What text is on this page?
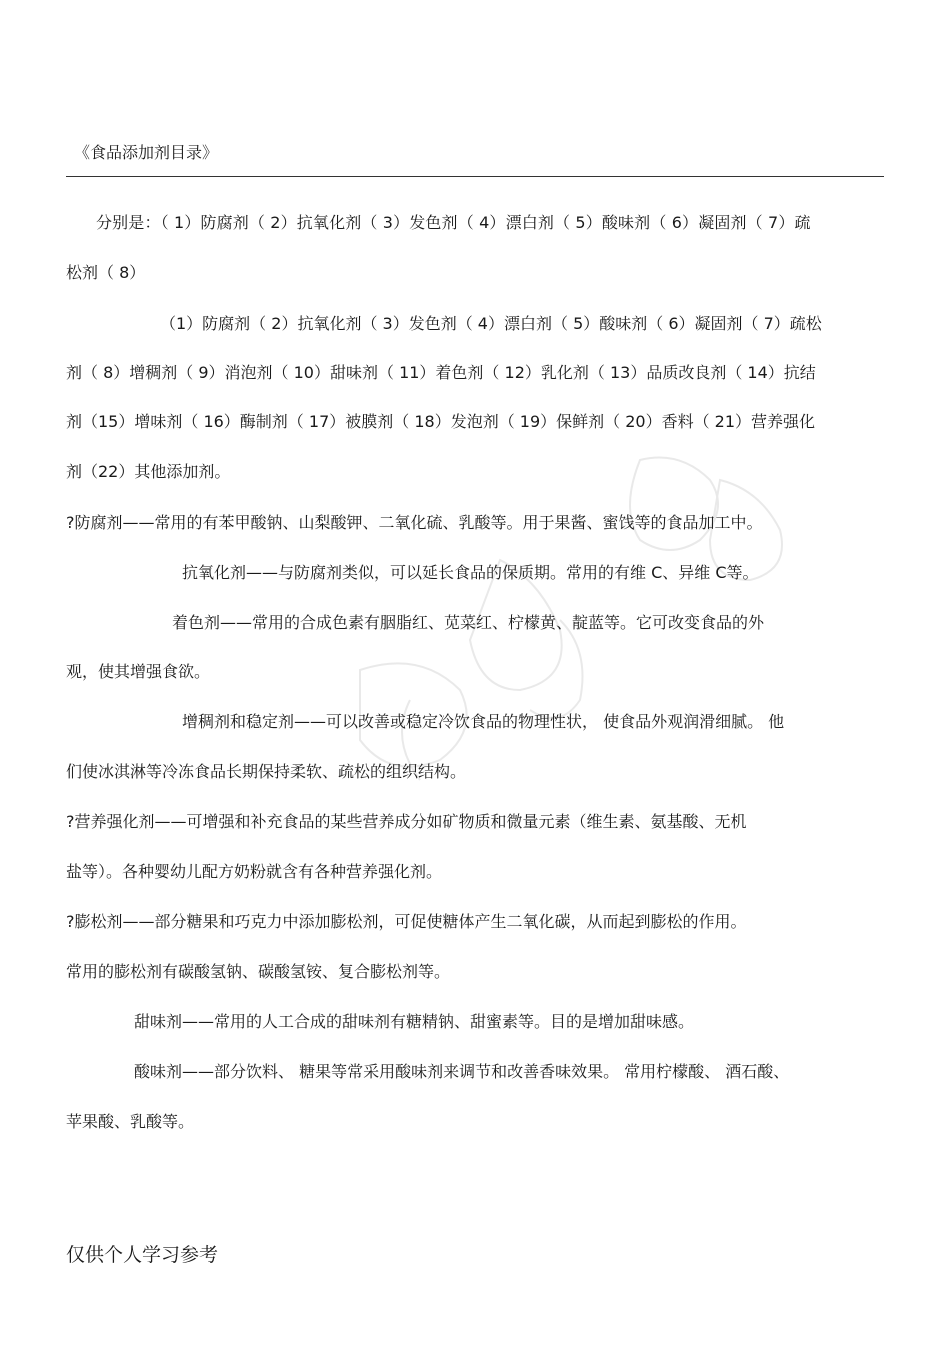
《食品添加剂目录》
分别是：（ 1）防腐剂（ 2）抗氧化剂（ 3）发色剂（ 4）漂白剂（ 5）酸味剂（ 6）凝固剂（ 7）疏
松剂（ 8）
（1）防腐剂（ 2）抗氧化剂（ 3）发色剂（ 4）漂白剂（ 5）酸味剂（ 6）凝固剂（ 7）疏松
剂（ 8）增稠剂（ 9）消泡剂（ 10）甜味剂（ 11）着色剂（ 12）乳化剂（ 13）品质改良剂（ 14）抗结
剂（15）增味剂（ 16）酶制剂（ 17）被膜剂（ 18）发泡剂（ 19）保鲜剂（ 20）香料（ 21）营养强化
剂（22）其他添加剂。
?防腐剂——常用的有苯甲酸钠、山梨酸钾、二氧化硫、乳酸等。用于果酱、蜜饯等的食品加工中。
抗氧化剂——与防腐剂类似，可以延长食品的保质期。常用的有维 C、异维 C等。
着色剂——常用的合成色素有胭脂红、苋菜红、柠檬黄、靛蓝等。它可改变食品的外
观，使其增强食欲。
增稠剂和稳定剂——可以改善或稳定冷饮食品的物理性状， 使食品外观润滑细腻。 他
们使冰淇淋等冷冻食品长期保持柔软、疏松的组织结构。
?营养强化剂——可增强和补充食品的某些营养成分如矿物质和微量元素（维生素、氨基酸、无机
盐等）。各种婴幼儿配方奶粉就含有各种营养强化剂。
?膨松剂——部分糖果和巧克力中添加膨松剂，可促使糖体产生二氧化碳，从而起到膨松的作用。
常用的膨松剂有碳酸氢钠、碳酸氢铵、复合膨松剂等。
甜味剂——常用的人工合成的甜味剂有糖精钠、甜蜜素等。目的是增加甜味感。
酸味剂——部分饮料、 糖果等常采用酸味剂来调节和改善香味效果。 常用柠檬酸、 酒石酸、
苹果酸、乳酸等。
仅供个人学习参考
